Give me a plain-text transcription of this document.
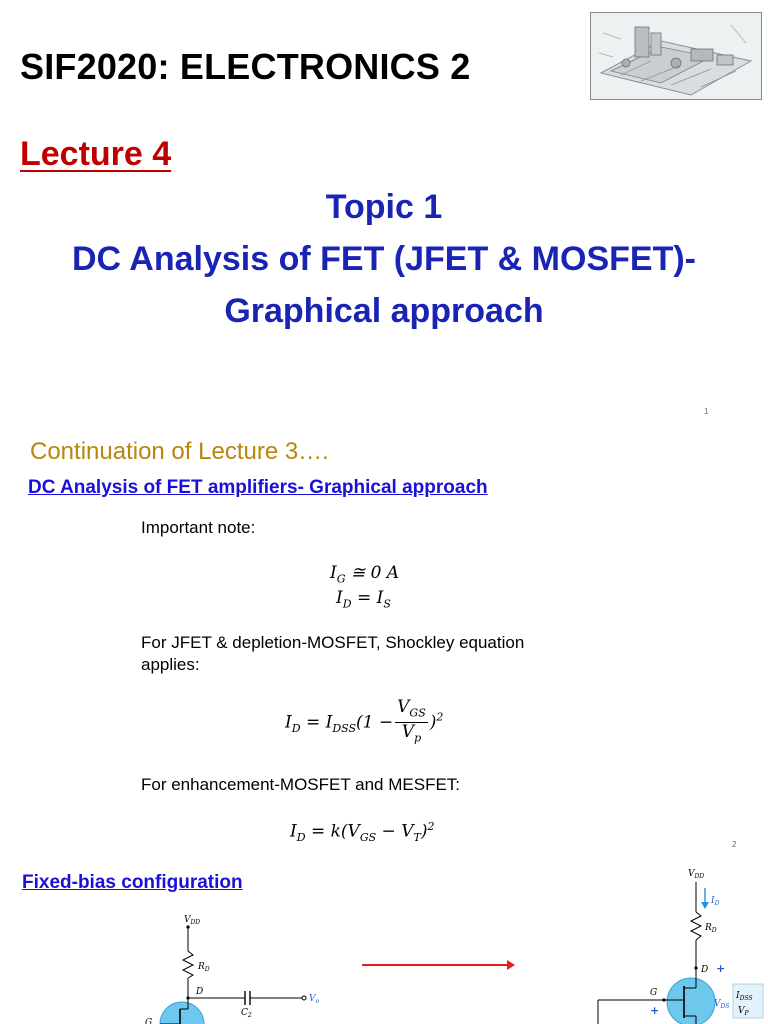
SIF2020: ELECTRONICS 2
Lecture 4
Topic 1
DC Analysis of FET (JFET & MOSFET)-
Graphical approach
1
Continuation of Lecture 3….
DC Analysis of FET amplifiers- Graphical approach
Important note:
$I_G$ ≅ 0 A
$I_D = I_S$
For JFET & depletion-MOSFET, Shockley equation applies:
$I_D = I_{DSS}(1 - \frac{V_{GS}}{V_p} )^2$
For enhancement-MOSFET and MESFET:
$I_D = k(V_{GS} - V_T)^2$
2
Fixed-bias configuration
$V_{DD}$
$R_D$
D
$C_2$
$V_o$
G
$V_{DD}$
$I_D$
$R_D$
D +
G
+	$V_{DS}$
$I_{DSS}$
$V_P$
